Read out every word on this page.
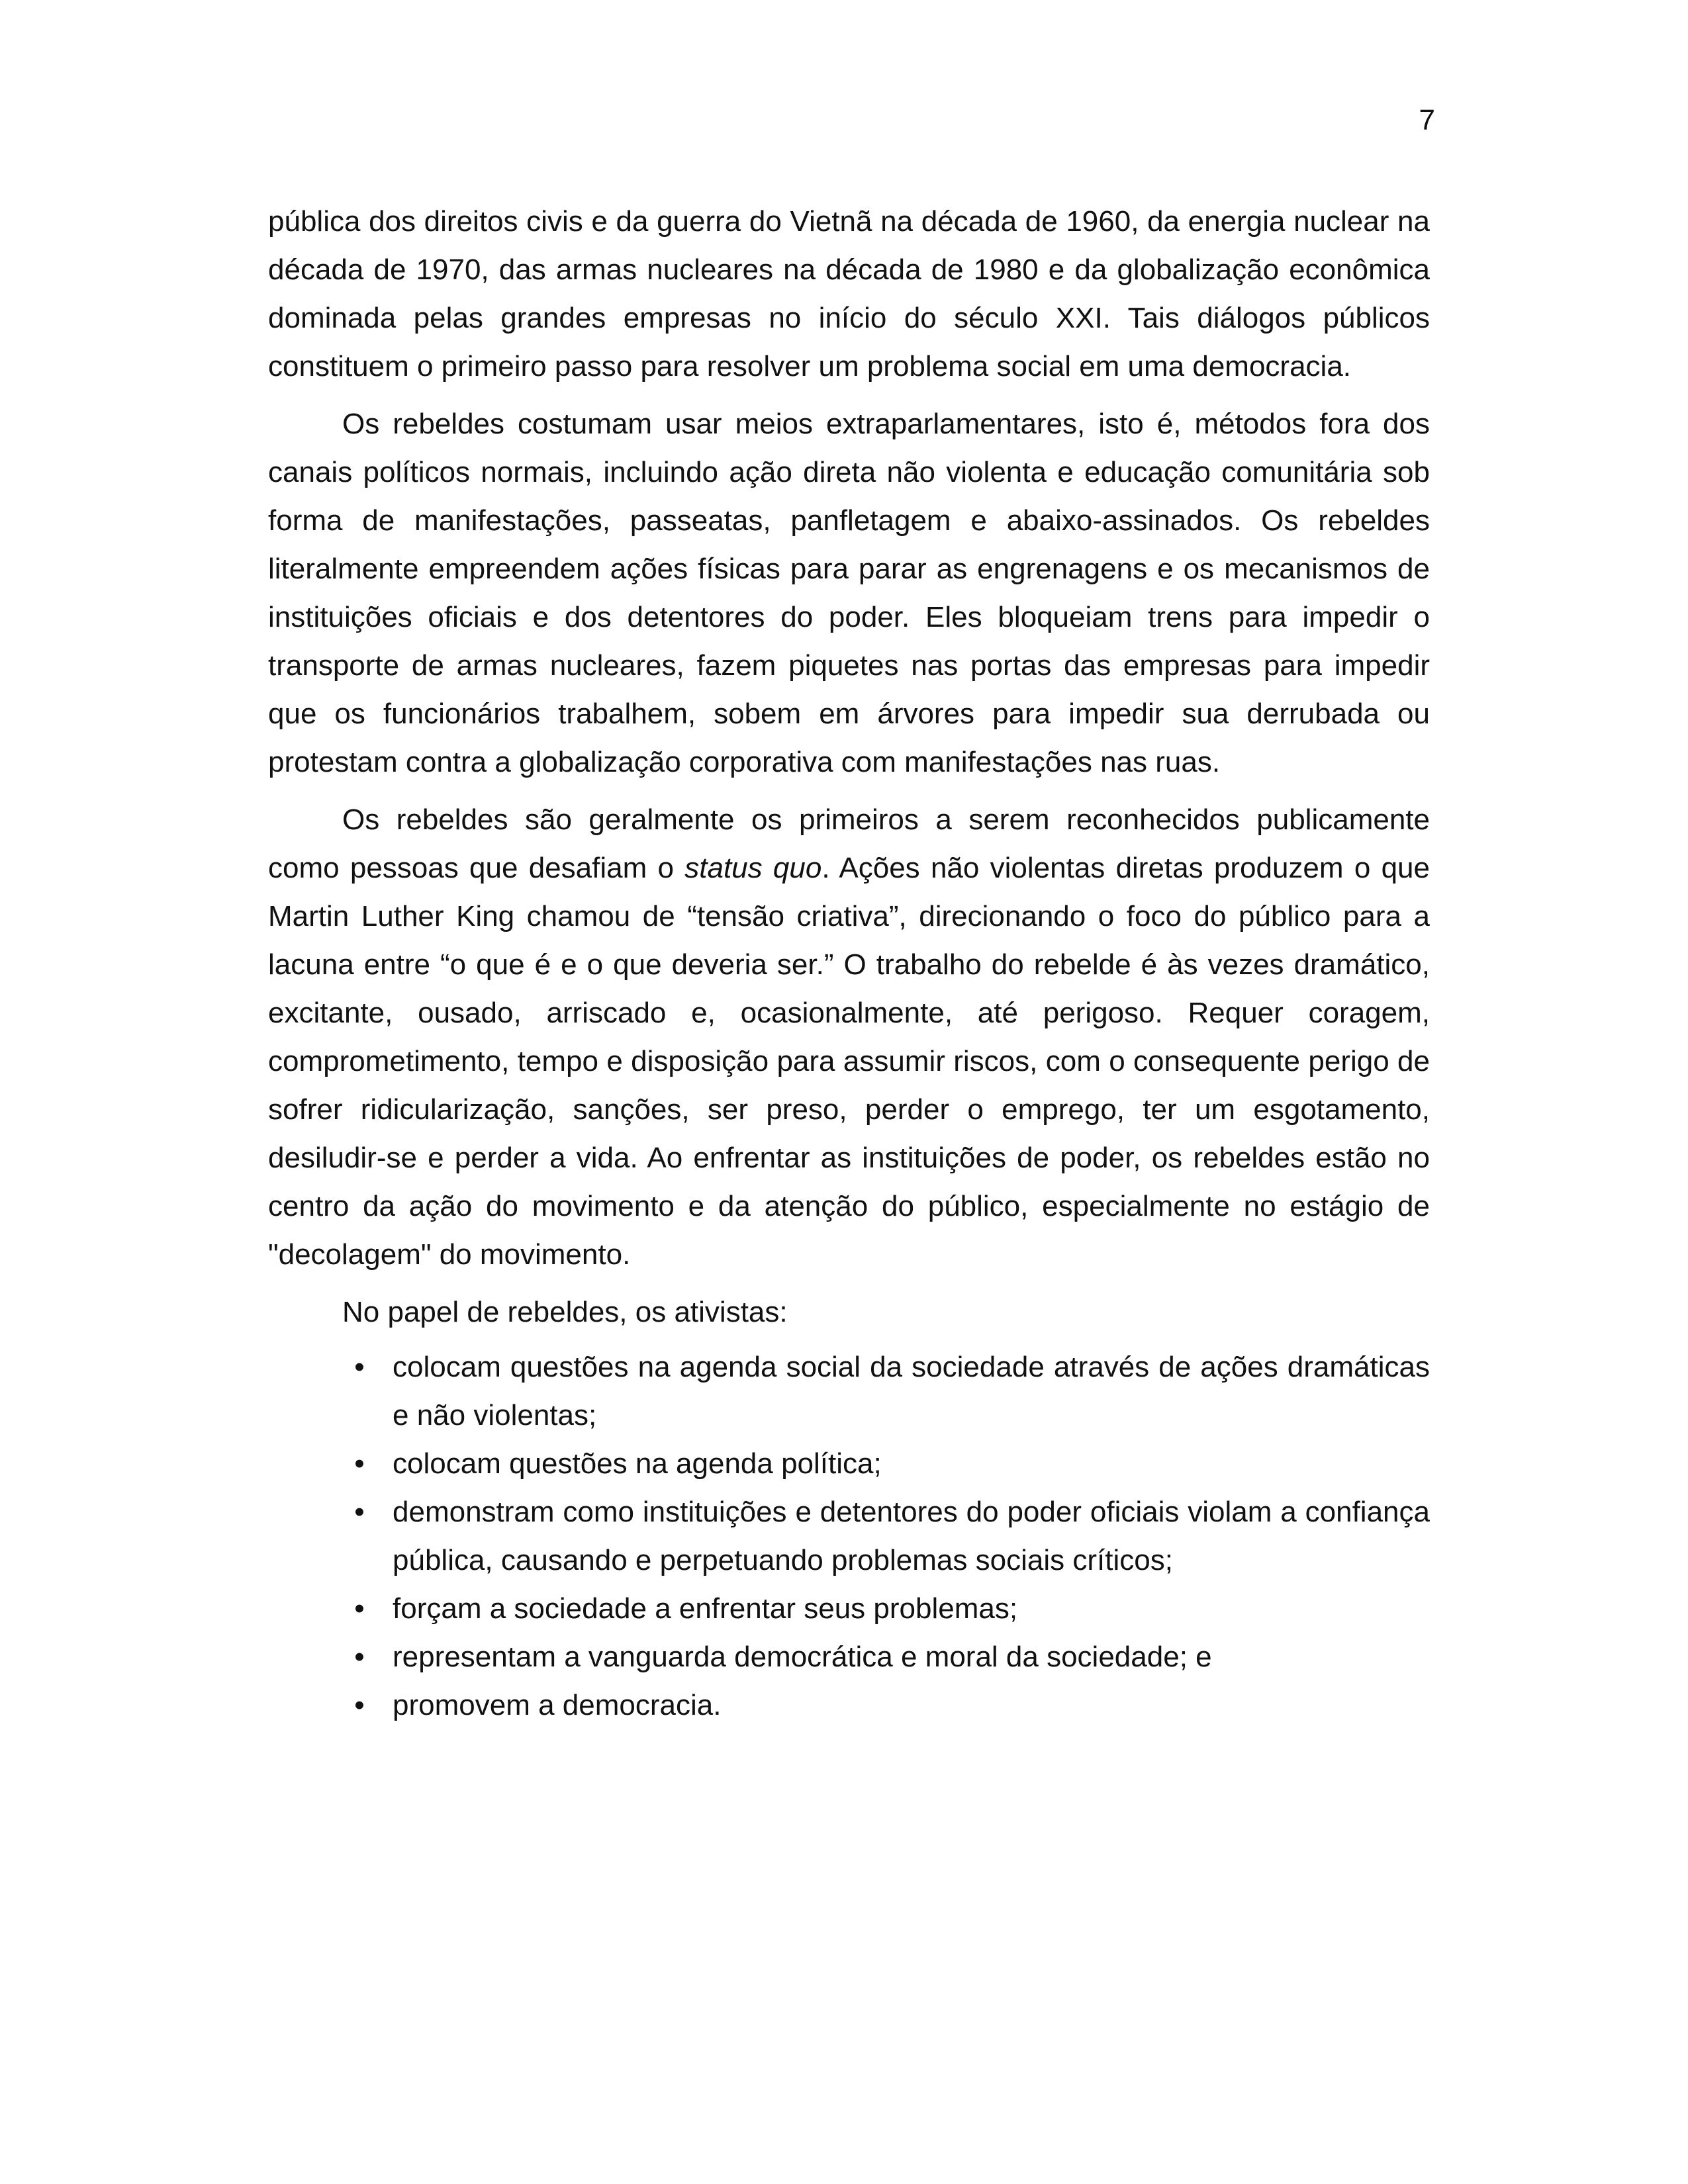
7

pública dos direitos civis e da guerra do Vietnã na década de 1960, da energia nuclear na década de 1970, das armas nucleares na década de 1980 e da globalização econômica dominada pelas grandes empresas no início do século XXI. Tais diálogos públicos constituem o primeiro passo para resolver um problema social em uma democracia.

Os rebeldes costumam usar meios extraparlamentares, isto é, métodos fora dos canais políticos normais, incluindo ação direta não violenta e educação comunitária sob forma de manifestações, passeatas, panfletagem e abaixo-assinados. Os rebeldes literalmente empreendem ações físicas para parar as engrenagens e os mecanismos de instituições oficiais e dos detentores do poder. Eles bloqueiam trens para impedir o transporte de armas nucleares, fazem piquetes nas portas das empresas para impedir que os funcionários trabalhem, sobem em árvores para impedir sua derrubada ou protestam contra a globalização corporativa com manifestações nas ruas.

Os rebeldes são geralmente os primeiros a serem reconhecidos publicamente como pessoas que desafiam o status quo. Ações não violentas diretas produzem o que Martin Luther King chamou de “tensão criativa”, direcionando o foco do público para a lacuna entre “o que é e o que deveria ser.” O trabalho do rebelde é às vezes dramático, excitante, ousado, arriscado e, ocasionalmente, até perigoso. Requer coragem, comprometimento, tempo e disposição para assumir riscos, com o consequente perigo de sofrer ridicularização, sanções, ser preso, perder o emprego, ter um esgotamento, desiludir-se e perder a vida. Ao enfrentar as instituições de poder, os rebeldes estão no centro da ação do movimento e da atenção do público, especialmente no estágio de "decolagem" do movimento.

No papel de rebeldes, os ativistas:

• colocam questões na agenda social da sociedade através de ações dramáticas e não violentas;
• colocam questões na agenda política;
• demonstram como instituições e detentores do poder oficiais violam a confiança pública, causando e perpetuando problemas sociais críticos;
• forçam a sociedade a enfrentar seus problemas;
• representam a vanguarda democrática e moral da sociedade; e
• promovem a democracia.
